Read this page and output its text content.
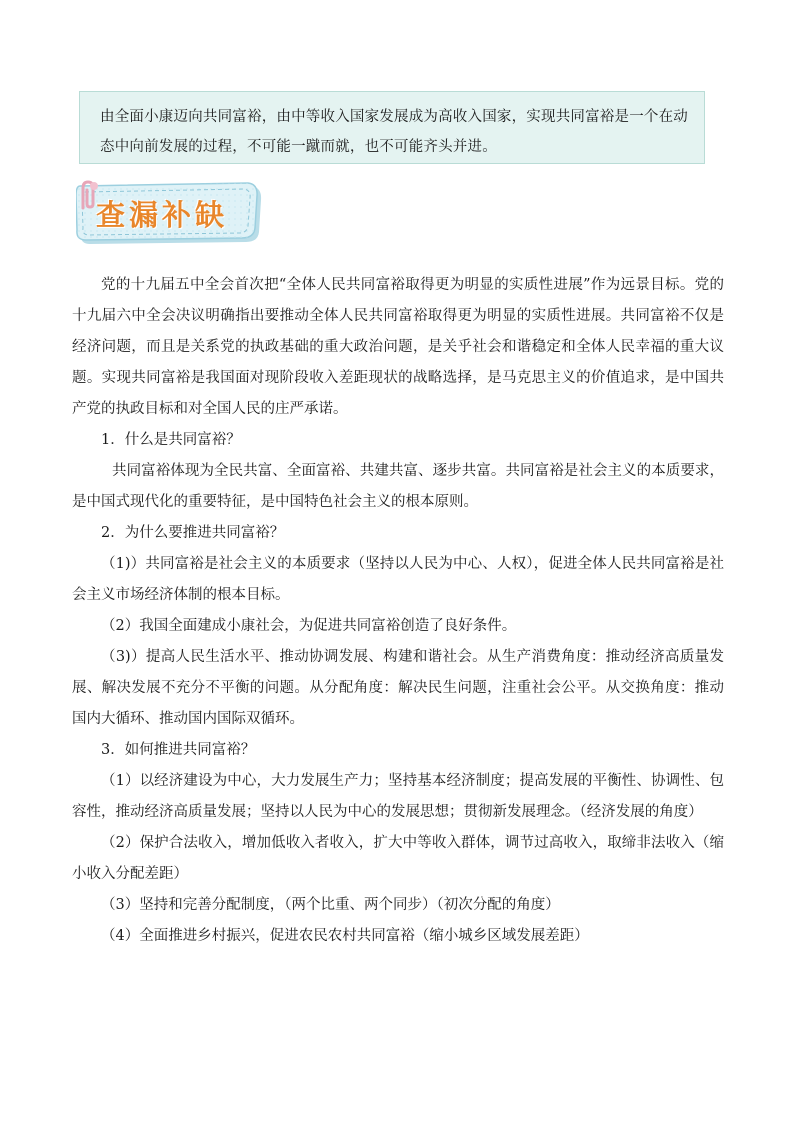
由全面小康迈向共同富裕，由中等收入国家发展成为高收入国家，实现共同富裕是一个在动态中向前发展的过程，不可能一蹴而就，也不可能齐头并进。

查漏补缺

党的十九届五中全会首次把“全体人民共同富裕取得更为明显的实质性进展”作为远景目标。党的十九届六中全会决议明确指出要推动全体人民共同富裕取得更为明显的实质性进展。共同富裕不仅是经济问题，而且是关系党的执政基础的重大政治问题，是关乎社会和谐稳定和全体人民幸福的重大议题。实现共同富裕是我国面对现阶段收入差距现状的战略选择，是马克思主义的价值追求，是中国共产党的执政目标和对全国人民的庄严承诺。

1．什么是共同富裕？

共同富裕体现为全民共富、全面富裕、共建共富、逐步共富。共同富裕是社会主义的本质要求，是中国式现代化的重要特征，是中国特色社会主义的根本原则。

2．为什么要推进共同富裕？

（1)）共同富裕是社会主义的本质要求（坚持以人民为中心、人权），促进全体人民共同富裕是社会主义市场经济体制的根本目标。

（2）我国全面建成小康社会，为促进共同富裕创造了良好条件。

（3)）提高人民生活水平、推动协调发展、构建和谐社会。从生产消费角度：推动经济高质量发展、解决发展不充分不平衡的问题。从分配角度：解决民生问题，注重社会公平。从交换角度：推动国内大循环、推动国内国际双循环。

3．如何推进共同富裕？

（1）以经济建设为中心，大力发展生产力；坚持基本经济制度；提高发展的平衡性、协调性、包容性，推动经济高质量发展；坚持以人民为中心的发展思想；贯彻新发展理念。（经济发展的角度）

（2）保护合法收入，增加低收入者收入，扩大中等收入群体，调节过高收入，取缔非法收入（缩小收入分配差距）

（3）坚持和完善分配制度，（两个比重、两个同步）（初次分配的角度）

（4）全面推进乡村振兴，促进农民农村共同富裕（缩小城乡区域发展差距）
